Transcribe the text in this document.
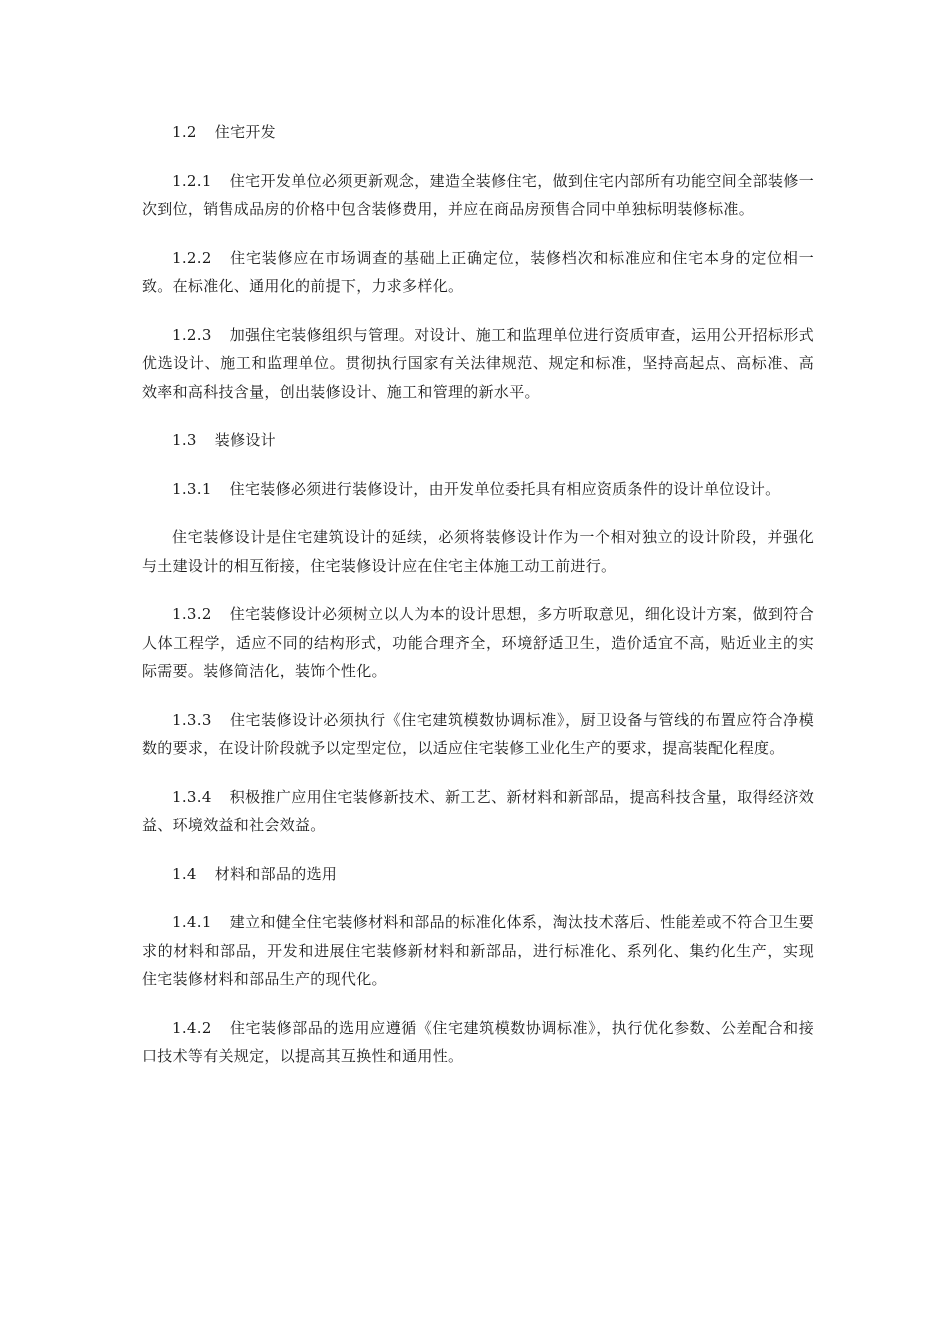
1.2 住宅开发

1.2.1 住宅开发单位必须更新观念，建造全装修住宅，做到住宅内部所有功能空间全部装修一次到位，销售成品房的价格中包含装修费用，并应在商品房预售合同中单独标明装修标准。

1.2.2 住宅装修应在市场调查的基础上正确定位，装修档次和标准应和住宅本身的定位相一致。在标准化、通用化的前提下，力求多样化。

1.2.3 加强住宅装修组织与管理。对设计、施工和监理单位进行资质审查，运用公开招标形式优选设计、施工和监理单位。贯彻执行国家有关法律规范、规定和标准，坚持高起点、高标准、高效率和高科技含量，创出装修设计、施工和管理的新水平。

1.3 装修设计

1.3.1 住宅装修必须进行装修设计，由开发单位委托具有相应资质条件的设计单位设计。

住宅装修设计是住宅建筑设计的延续，必须将装修设计作为一个相对独立的设计阶段，并强化与土建设计的相互衔接，住宅装修设计应在住宅主体施工动工前进行。

1.3.2 住宅装修设计必须树立以人为本的设计思想，多方听取意见，细化设计方案，做到符合人体工程学，适应不同的结构形式，功能合理齐全，环境舒适卫生，造价适宜不高，贴近业主的实际需要。装修简洁化，装饰个性化。

1.3.3 住宅装修设计必须执行《住宅建筑模数协调标准》，厨卫设备与管线的布置应符合净模数的要求，在设计阶段就予以定型定位，以适应住宅装修工业化生产的要求，提高装配化程度。

1.3.4 积极推广应用住宅装修新技术、新工艺、新材料和新部品，提高科技含量，取得经济效益、环境效益和社会效益。

1.4 材料和部品的选用

1.4.1 建立和健全住宅装修材料和部品的标准化体系，淘汰技术落后、性能差或不符合卫生要求的材料和部品，开发和进展住宅装修新材料和新部品，进行标准化、系列化、集约化生产，实现住宅装修材料和部品生产的现代化。

1.4.2 住宅装修部品的选用应遵循《住宅建筑模数协调标准》，执行优化参数、公差配合和接口技术等有关规定，以提高其互换性和通用性。
